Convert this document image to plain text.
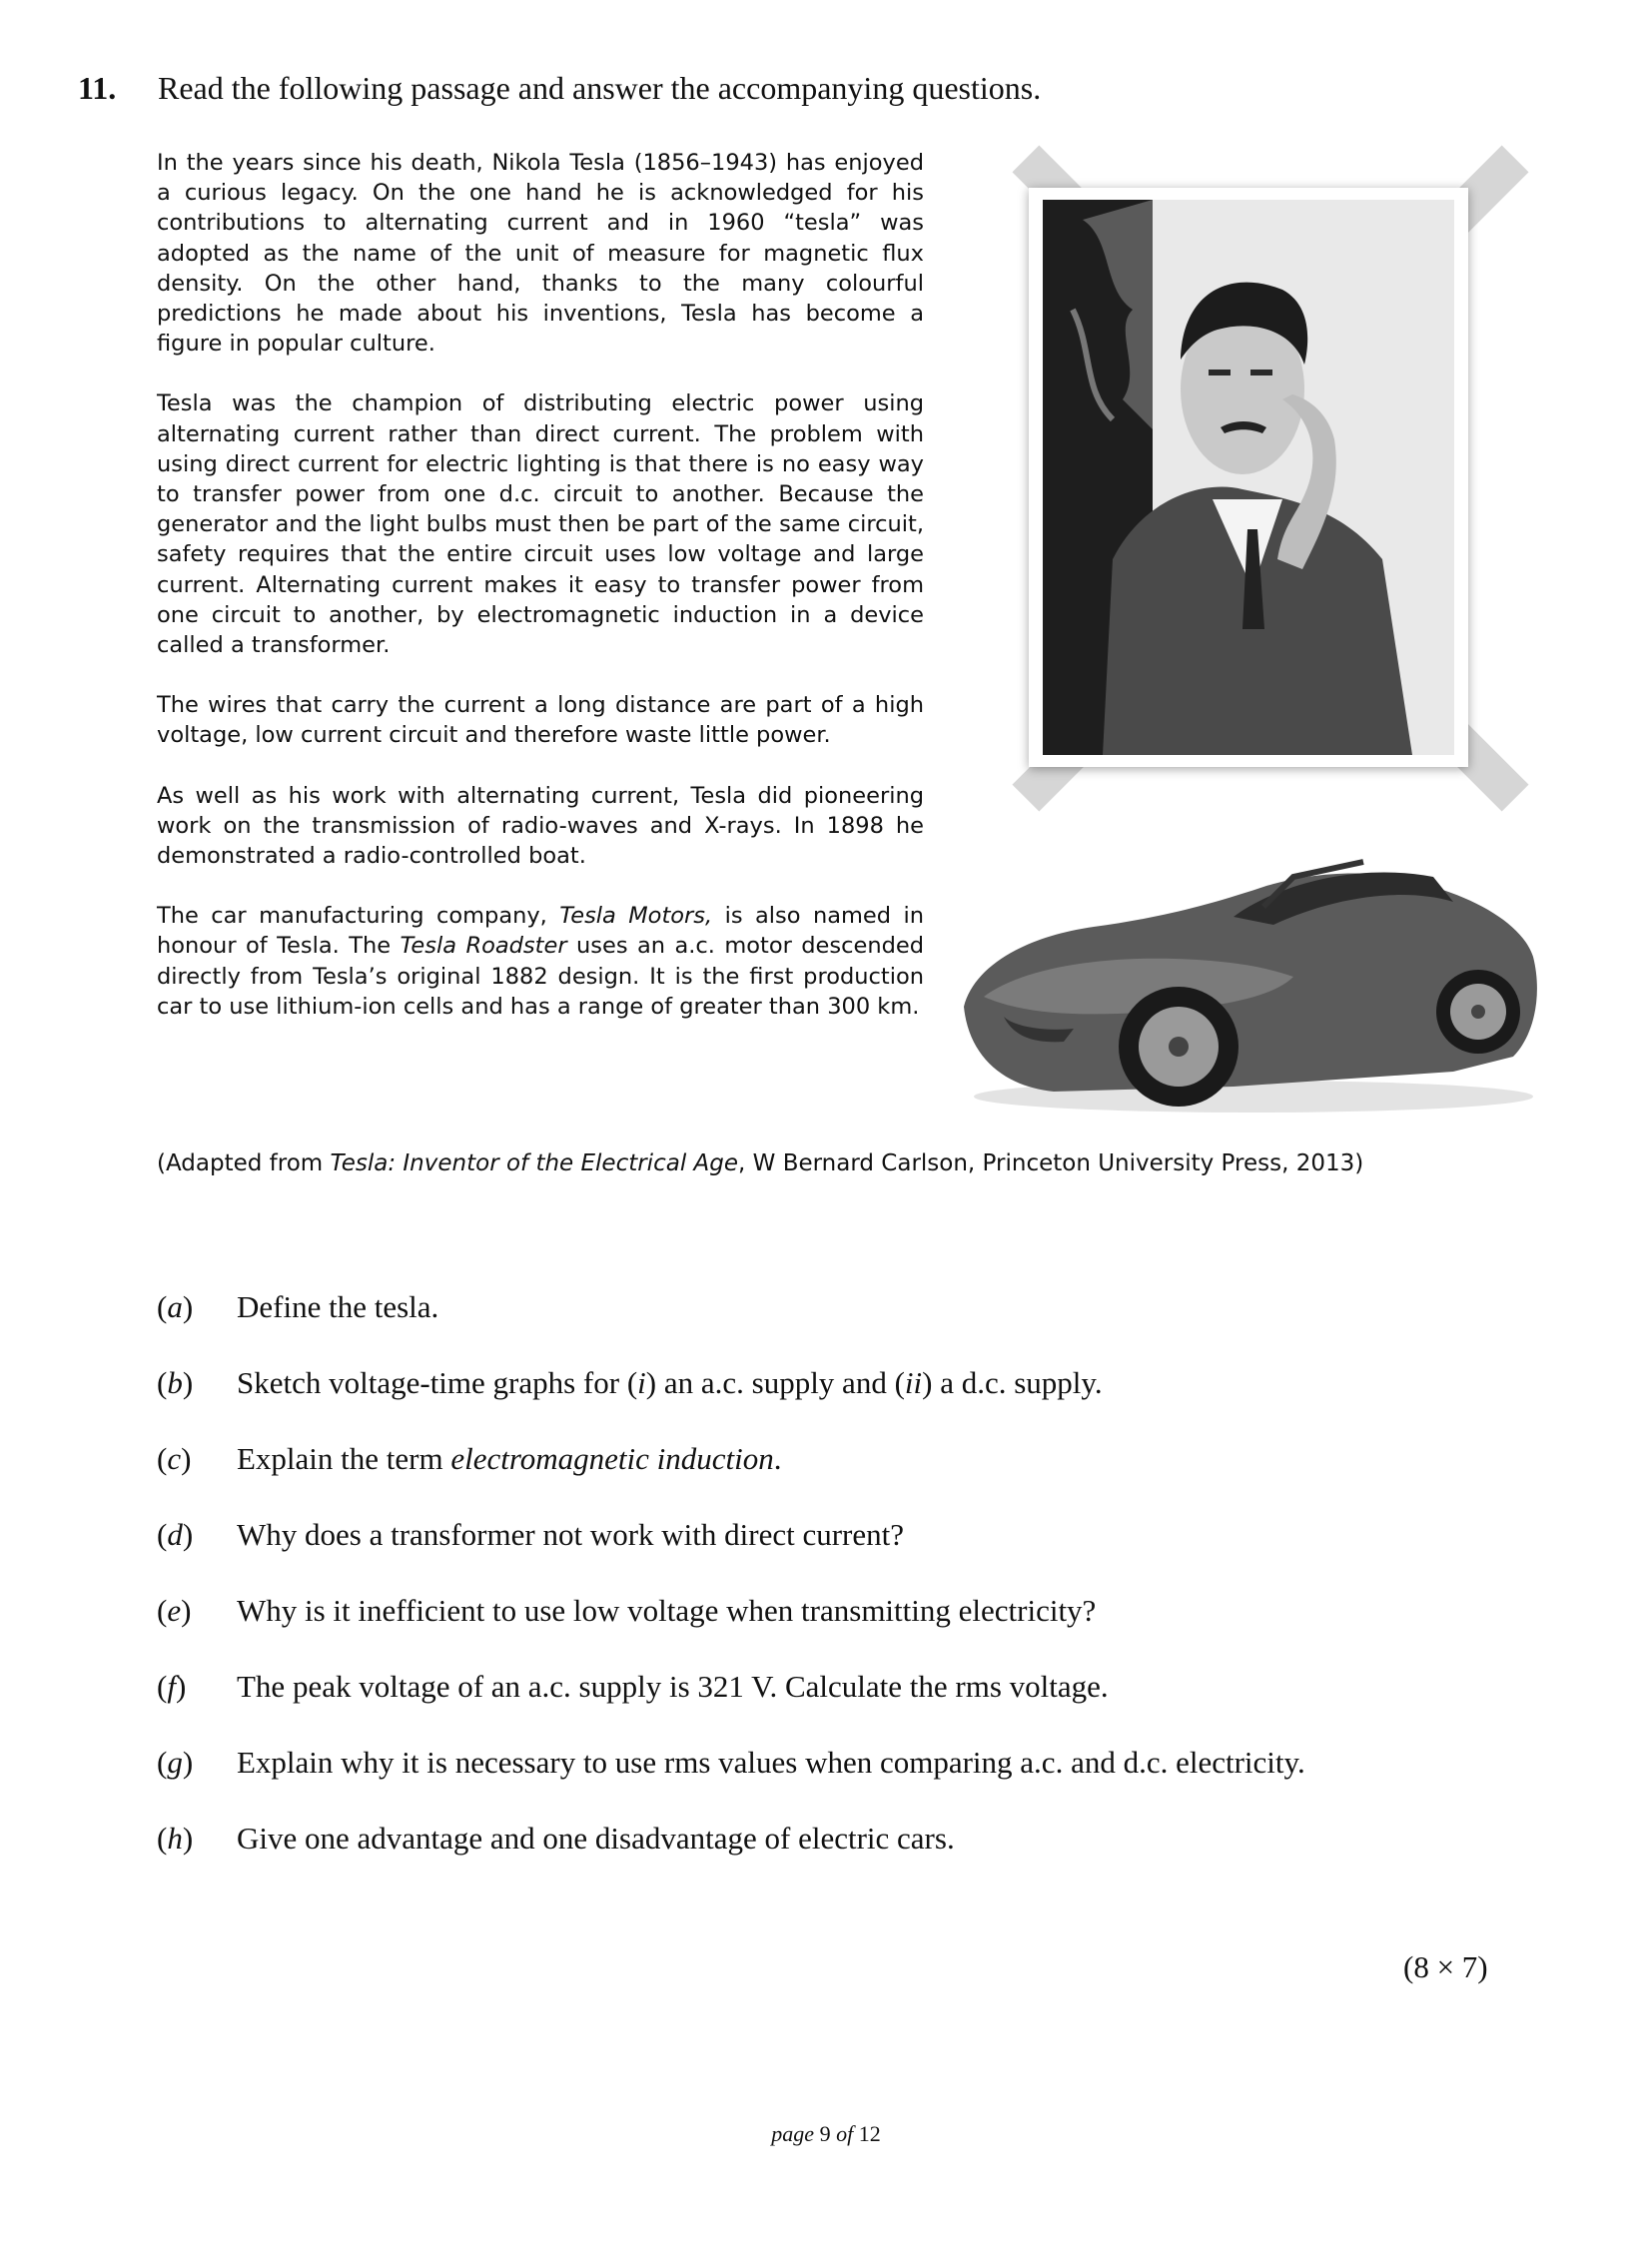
11. Read the following passage and answer the accompanying questions.

In the years since his death, Nikola Tesla (1856–1943) has enjoyed a curious legacy. On the one hand he is acknowledged for his contributions to alternating current and in 1960 “tesla” was adopted as the name of the unit of measure for magnetic flux density. On the other hand, thanks to the many colourful predictions he made about his inventions, Tesla has become a figure in popular culture.

Tesla was the champion of distributing electric power using alternating current rather than direct current. The problem with using direct current for electric lighting is that there is no easy way to transfer power from one d.c. circuit to another. Because the generator and the light bulbs must then be part of the same circuit, safety requires that the entire circuit uses low voltage and large current. Alternating current makes it easy to transfer power from one circuit to another, by electromagnetic induction in a device called a transformer.

The wires that carry the current a long distance are part of a high voltage, low current circuit and therefore waste little power.

As well as his work with alternating current, Tesla did pioneering work on the transmission of radio-waves and X-rays. In 1898 he demonstrated a radio-controlled boat.

The car manufacturing company, Tesla Motors, is also named in honour of Tesla. The Tesla Roadster uses an a.c. motor descended directly from Tesla’s original 1882 design. It is the first production car to use lithium-ion cells and has a range of greater than 300 km.

(Adapted from Tesla: Inventor of the Electrical Age, W Bernard Carlson, Princeton University Press, 2013)
(a) Define the tesla.
(b) Sketch voltage-time graphs for (i) an a.c. supply and (ii) a d.c. supply.
(c) Explain the term electromagnetic induction.
(d) Why does a transformer not work with direct current?
(e) Why is it inefficient to use low voltage when transmitting electricity?
(f) The peak voltage of an a.c. supply is 321 V. Calculate the rms voltage.
(g) Explain why it is necessary to use rms values when comparing a.c. and d.c. electricity.
(h) Give one advantage and one disadvantage of electric cars.
(8 × 7)
page 9 of 12
